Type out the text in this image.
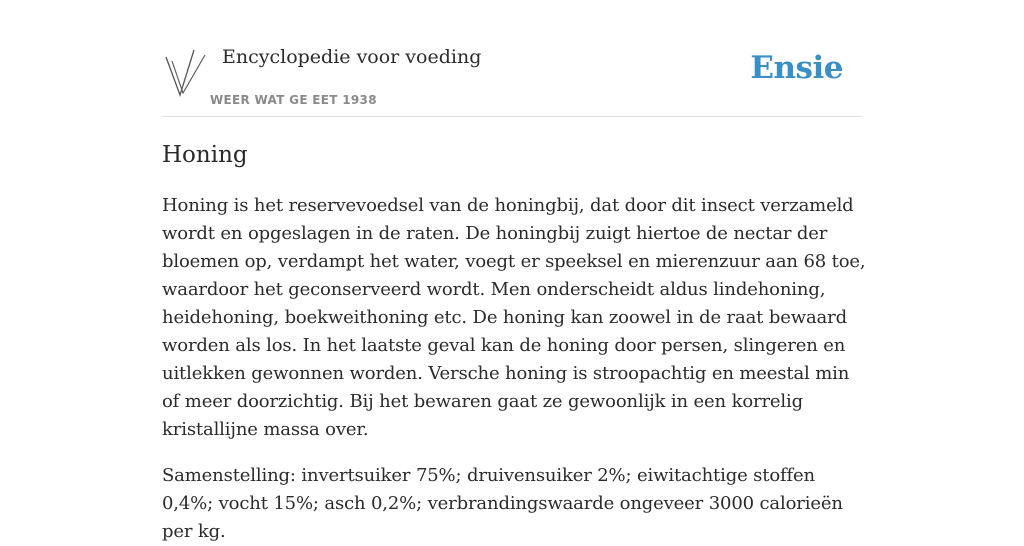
Encyclopedie voor voeding
WEER WAT GE EET 1938
Ensie
Honing

Honing is het reservevoedsel van de honingbij, dat door dit insect verzameld wordt en opgeslagen in de raten. De honingbij zuigt hiertoe de nectar der bloemen op, verdampt het water, voegt er speeksel en mierenzuur aan 68 toe, waardoor het geconserveerd wordt. Men onderscheidt aldus lindehoning, heidehoning, boekweithoning etc. De honing kan zoowel in de raat bewaard worden als los. In het laatste geval kan de honing door persen, slingeren en uitlekken gewonnen worden. Versche honing is stroopachtig en meestal min of meer doorzichtig. Bij het bewaren gaat ze gewoonlijk in een korrelig kristallijne massa over.

Samenstelling: invertsuiker 75%; druivensuiker 2%; eiwitachtige stoffen 0,4%; vocht 15%; asch 0,2%; verbrandingswaarde ongeveer 3000 calorieën per kg.
